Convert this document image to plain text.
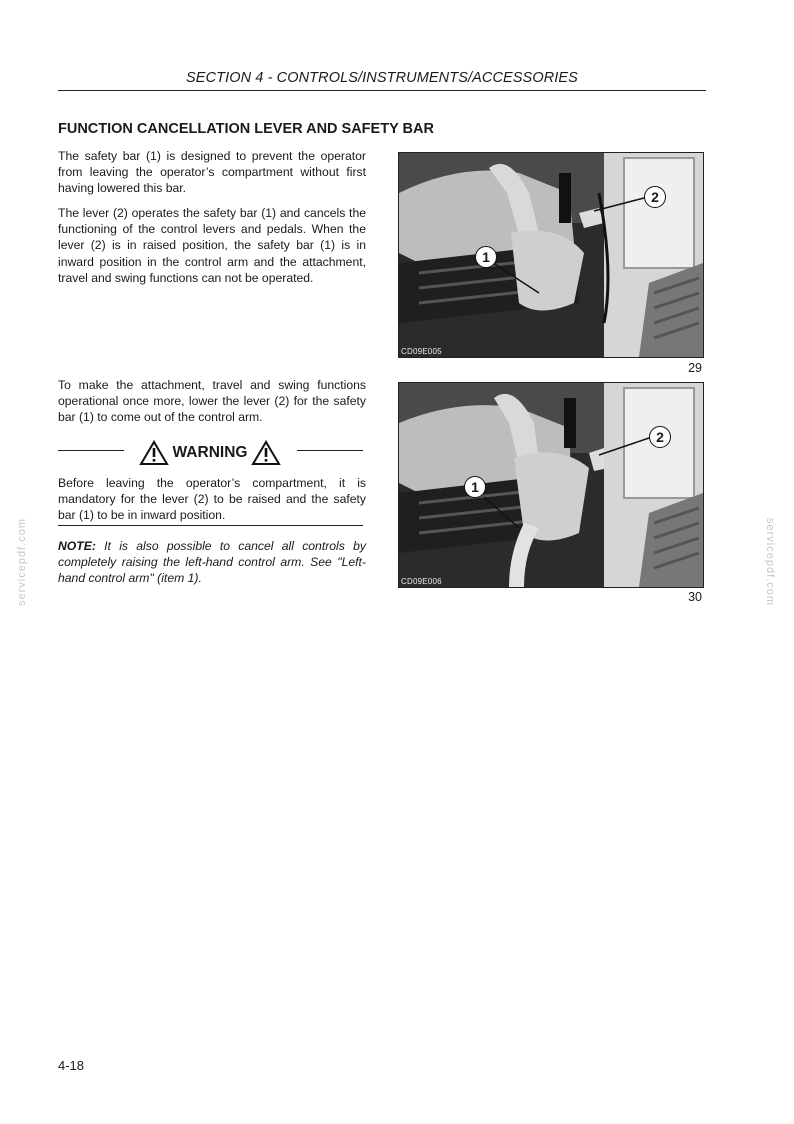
SECTION 4 - CONTROLS/INSTRUMENTS/ACCESSORIES
FUNCTION CANCELLATION LEVER AND SAFETY BAR

The safety bar (1) is designed to prevent the operator from leaving the operator’s compartment without first having lowered this bar.

The lever (2) operates the safety bar (1) and cancels the functioning of the control levers and pedals. When the lever (2) is in raised position, the safety bar (1) is in inward position in the control arm and the attachment, travel and swing functions can not be operated.

To make the attachment, travel and swing functions operational once more, lower the lever (2) for the safety bar (1) to come out of the control arm.

WARNING

Before leaving the operator’s compartment, it is mandatory for the lever (2) to be raised and the safety bar (1) to be in inward position.

NOTE: It is also possible to cancel all controls by completely raising the left-hand control arm. See "Left-hand control arm" (item 1).

1
2
CD09E005
29
1
2
CD09E006
30
servicepdf.com	servicepdf.com
4-18
